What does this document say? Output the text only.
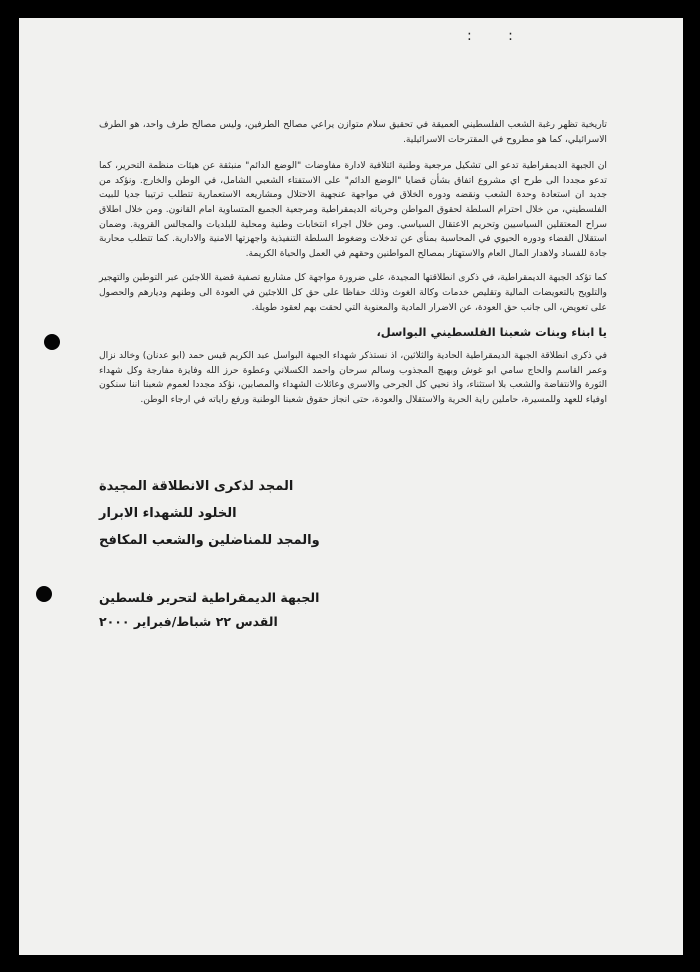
: :

تاريخية تظهر رغبة الشعب الفلسطيني العميقة في تحقيق سلام متوازن يراعي مصالح الطرفين، وليس مصالح طرف واحد، هو الطرف الاسرائيلي، كما هو مطروح في المقترحات الاسرائيلية.

ان الجبهة الديمقراطية تدعو الى تشكيل مرجعية وطنية ائتلافية لادارة مفاوضات "الوضع الدائم" منبثقة عن هيئات منظمة التحرير، كما تدعو مجددا الى طرح اي مشروع اتفاق بشأن قضايا "الوضع الدائم" على الاستفتاء الشعبي الشامل، في الوطن والخارج. ونؤكد من جديد ان استعادة وحدة الشعب ونقضه ودوره الخلاق في مواجهة عنجهية الاحتلال ومشاريعه الاستعمارية تتطلب ترتيبا جديا للبيت الفلسطيني، من خلال احترام السلطة لحقوق المواطن وحرياته الديمقراطية ومرجعية الجميع المتساوية امام القانون. ومن خلال اطلاق سراح المعتقلين السياسيين وتحريم الاعتقال السياسي. ومن خلال اجراء انتخابات وطنية ومحلية للبلديات والمجالس القروية. وضمان استقلال القضاء ودوره الحيوي في المحاسبة بمنأى عن تدخلات وضغوط السلطة التنفيذية واجهزتها الامنية والادارية. كما تتطلب محاربة جادة للفساد ولاهدار المال العام والاستهتار بمصالح المواطنين وحقهم في العمل والحياة الكريمة.

كما تؤكد الجبهة الديمقراطية، في ذكرى انطلاقتها المجيدة، على ضرورة مواجهة كل مشاريع تصفية قضية اللاجئين عبر التوطين والتهجير والتلويح بالتعويضات المالية وتقليص خدمات وكالة الغوث وذلك حفاظا على حق كل اللاجئين في العودة الى وطنهم وديارهم والحصول على تعويض، الى جانب حق العودة، عن الاضرار المادية والمعنوية التي لحقت بهم لعقود طويلة.

يا ابناء وبنات شعبنا الفلسطيني البواسل،

في ذكرى انطلاقة الجبهة الديمقراطية الحادية والثلاثين، اذ نستذكر شهداء الجبهة البواسل عبد الكريم قيس حمد (ابو عدنان) وخالد نزال وعمر القاسم والحاج سامي ابو غوش وبهيج المجذوب وسالم سرحان واحمد الكسلاني وعطوة حرز الله وفايزة مفارجة وكل شهداء الثورة والانتفاضة والشعب بلا استثناء، واذ نحيي كل الجرحى والاسرى وعائلات الشهداء والمصابين، نؤكد مجددا لعموم شعبنا اننا سنكون اوفياء للعهد وللمسيرة، حاملين راية الحرية والاستقلال والعودة، حتى انجاز حقوق شعبنا الوطنية ورفع راياته في ارجاء الوطن.

المجد لذكرى الانطلاقة المجيدة
الخلود للشهداء الابرار
والمجد للمناضلين والشعب المكافح
الجبهة الديمقراطية لتحرير فلسطين
القدس ٢٢ شباط/فبراير ٢٠٠٠
